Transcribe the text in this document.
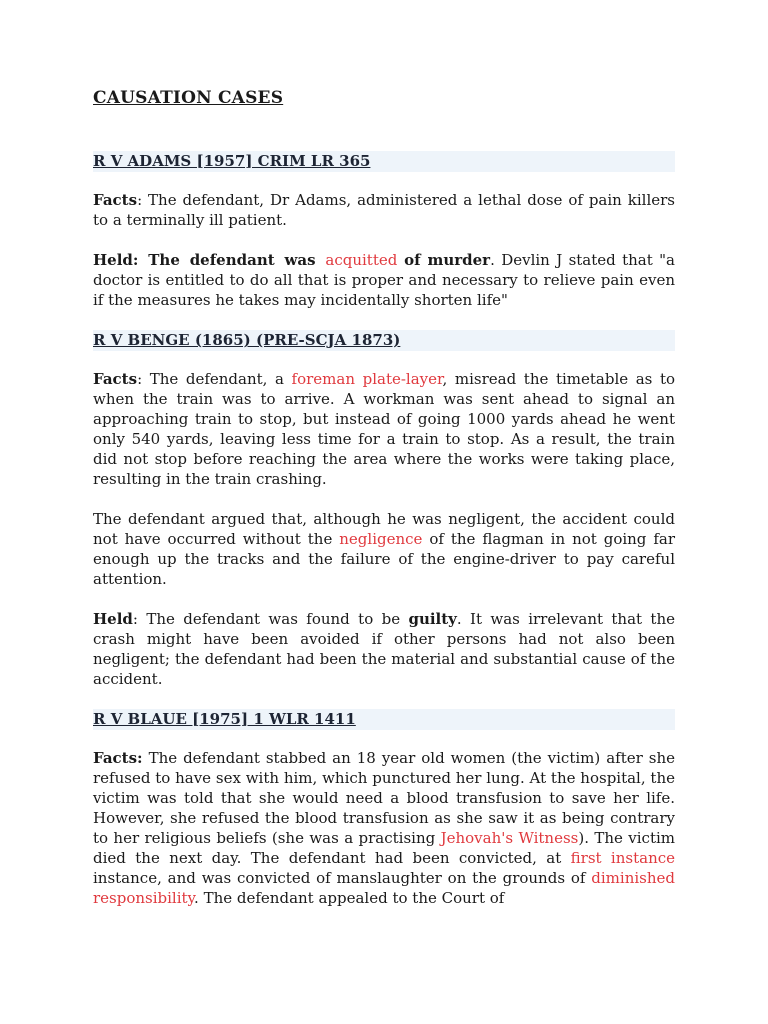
CAUSATION CASES
R V ADAMS [1957] CRIM LR 365

Facts: The defendant, Dr Adams, administered a lethal dose of pain killers to a terminally ill patient.

Held: The defendant was acquitted of murder. Devlin J stated that "a doctor is entitled to do all that is proper and necessary to relieve pain even if the measures he takes may incidentally shorten life"

R V BENGE (1865) (PRE-SCJA 1873)

Facts: The defendant, a foreman plate-layer, misread the timetable as to when the train was to arrive. A workman was sent ahead to signal an approaching train to stop, but instead of going 1000 yards ahead he went only 540 yards, leaving less time for a train to stop. As a result, the train did not stop before reaching the area where the works were taking place, resulting in the train crashing.

The defendant argued that, although he was negligent, the accident could not have occurred without the negligence of the flagman in not going far enough up the tracks and the failure of the engine-driver to pay careful attention.

Held: The defendant was found to be guilty. It was irrelevant that the crash might have been avoided if other persons had not also been negligent; the defendant had been the material and substantial cause of the accident.

R V BLAUE [1975] 1 WLR 1411

Facts: The defendant stabbed an 18 year old women (the victim) after she refused to have sex with him, which punctured her lung. At the hospital, the victim was told that she would need a blood transfusion to save her life. However, she refused the blood transfusion as she saw it as being contrary to her religious beliefs (she was a practising Jehovah's Witness). The victim died the next day. The defendant had been convicted, at first instance instance, and was convicted of manslaughter on the grounds of diminished responsibility. The defendant appealed to the Court of
